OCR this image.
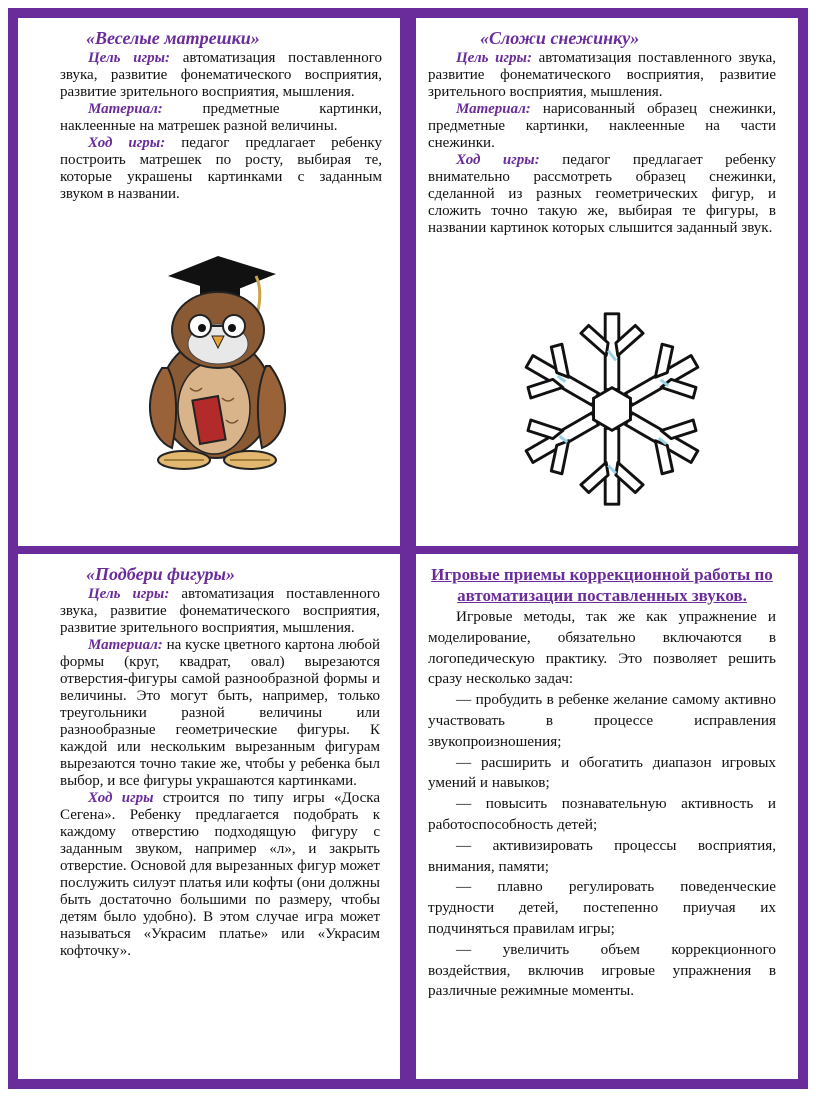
«Веселые матрешки»

Цель игры: автоматизация поставленного звука, развитие фонематического восприятия, развитие зрительного восприятия, мышления.

Материал: предметные картинки, наклеенные на матрешек разной величины.

Ход игры: педагог предлагает ребенку построить матрешек по росту, выбирая те, которые украшены картинками с заданным звуком в названии.

«Сложи снежинку»

Цель игры: автоматизация поставленного звука, развитие фонематического восприятия, развитие зрительного восприятия, мышления.

Материал: нарисованный образец снежинки, предметные картинки, наклеенные на части снежинки.

Ход игры: педагог предлагает ребенку внимательно рассмотреть образец снежинки, сделанной из разных геометрических фигур, и сложить точно такую же, выбирая те фигуры, в названии картинок которых слышится заданный звук.

«Подбери фигуры»

Цель игры: автоматизация поставленного звука, развитие фонематического восприятия, развитие зрительного восприятия, мышления.

Материал: на куске цветного картона любой формы (круг, квадрат, овал) вырезаются отверстия-фигуры самой разнообразной формы и величины. Это могут быть, например, только треугольники разной величины или разнообразные геометрические фигуры. К каждой или нескольким вырезанным фигурам вырезаются точно такие же, чтобы у ребенка был выбор, и все фигуры украшаются картинками.

Ход игры строится по типу игры «Доска Сегена». Ребенку предлагается подобрать к каждому отверстию подходящую фигуру с заданным звуком, например «л», и закрыть отверстие. Основой для вырезанных фигур может послужить силуэт платья или кофты (они должны быть достаточно большими по размеру, чтобы детям было удобно). В этом случае игра может называться «Украсим платье» или «Украсим кофточку».

Игровые приемы коррекционной работы по автоматизации поставленных звуков.

Игровые методы, так же как упражнение и моделирование, обязательно включаются в логопедическую практику. Это позволяет решить сразу несколько задач:

— пробудить в ребенке желание самому активно участвовать в процессе исправления звукопроизношения;

— расширить и обогатить диапазон игровых умений и навыков;

— повысить познавательную активность и работоспособность детей;

— активизировать процессы восприятия, внимания, памяти;

— плавно регулировать поведенческие трудности детей, постепенно приучая их подчиняться правилам игры;

— увеличить объем коррекционного воздействия, включив игровые упражнения в различные режимные моменты.
